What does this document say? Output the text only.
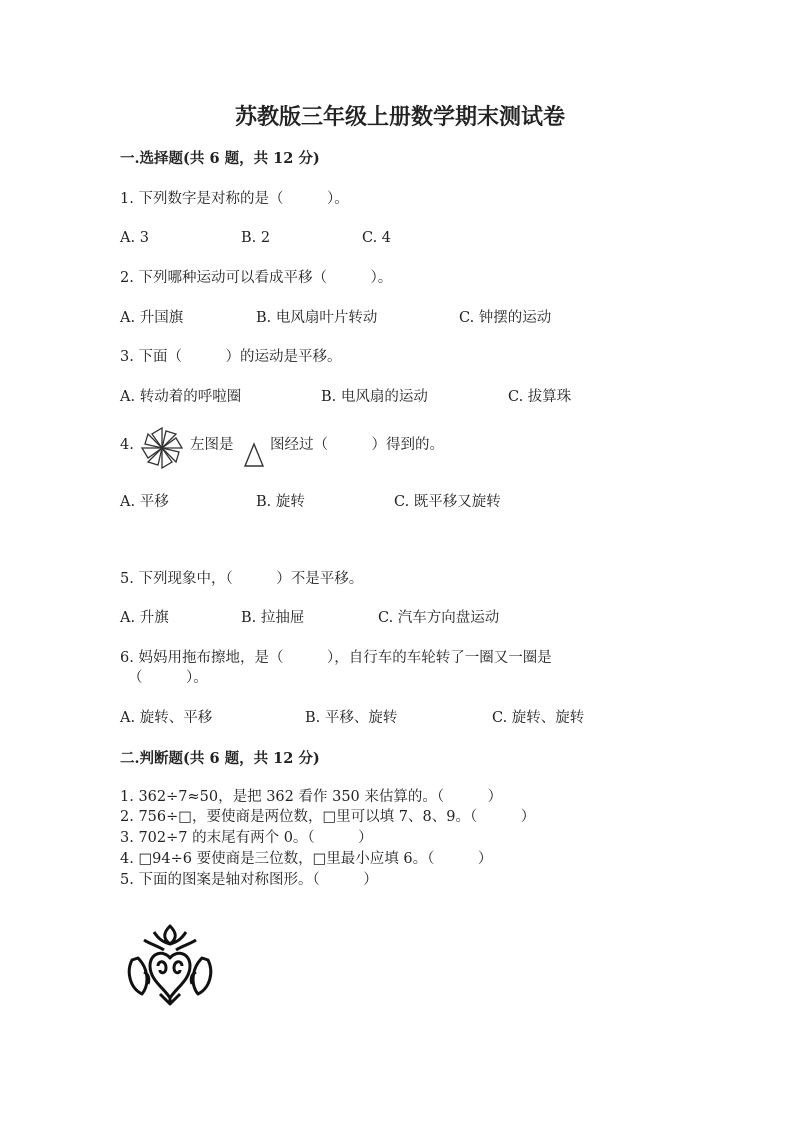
苏教版三年级上册数学期末测试卷
一.选择题(共 6 题，共 12 分)
1. 下列数字是对称的是（　　　）。
A. 3	B. 2	C. 4
2. 下列哪种运动可以看成平移（　　　）。
A. 升国旗	B. 电风扇叶片转动	C. 钟摆的运动
3. 下面（　　　）的运动是平移。
A. 转动着的呼啦圈	B. 电风扇的运动	C. 拔算珠
4.	左图是	图经过（　　　）得到的。
A. 平移	B. 旋转	C. 既平移又旋转
5. 下列现象中，（　　　）不是平移。
A. 升旗	B. 拉抽屉	C. 汽车方向盘运动
6. 妈妈用拖布擦地，是（　　　），自行车的车轮转了一圈又一圈是
（　　　）。
A. 旋转、平移	B. 平移、旋转	C. 旋转、旋转
二.判断题(共 6 题，共 12 分)
1. 362÷7≈50，是把 362 看作 350 来估算的。（　　　）
2. 756÷□，要使商是两位数，□里可以填 7、8、9。（　　　）
3. 702÷7 的末尾有两个 0。（　　　）
4. □94÷6 要使商是三位数，□里最小应填 6。（　　　）
5. 下面的图案是轴对称图形。（　　　）
